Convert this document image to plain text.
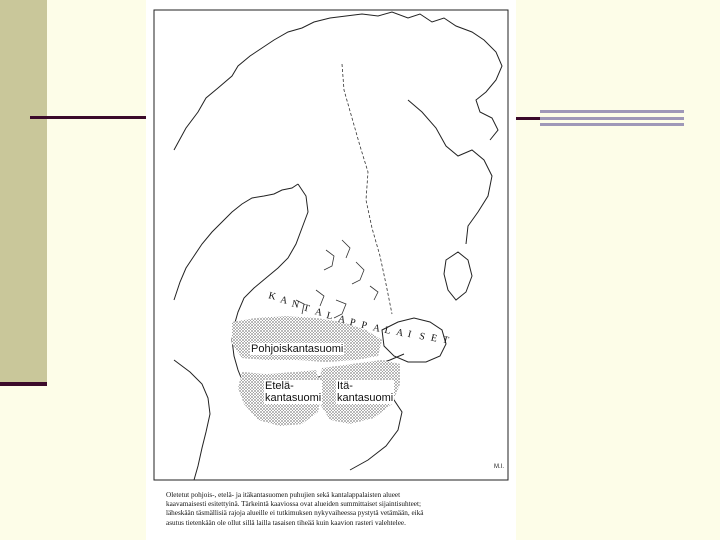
K A N T A L A P P A L A I S E T
Pohjoiskantasuomi
Etelä-
kantasuomi
Itä-
kantasuomi
M.I.
Oletetut pohjois-, etelä- ja itäkantasuomen puhujien sekä kantalappalaisten alueet
kaavamaisesti esitettyinä. Tärkeintä kaaviossa ovat alueiden summittaiset sijaintisuhteet;
läheskään täsmällisiä rajoja alueille ei tutkimuksen nykyvaiheessa pystytä vetämään, eikä
asutus tietenkään ole ollut sillä lailla tasaisen tiheää kuin kaavion rasteri valehtelee.
